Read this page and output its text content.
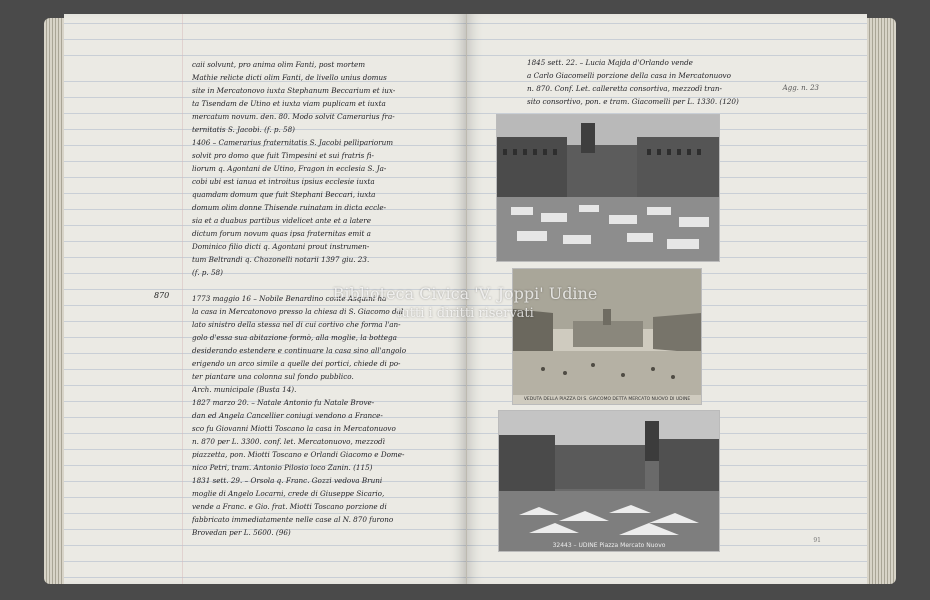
870
caii solvunt, pro anima olim Fanti, post mortem
Mathie relicte dicti olim Fanti, de livello unius domus
site in Mercatonovo iuxta Stephanum Beccarium et iux-
ta Tisendam de Utino et iuxta viam puplicam et iuxta
mercatum novum. den. 80. Modo solvit Camerarius fra-
ternitatis S. Jacobi. (f. p. 58)
1406 – Camerarius fraternitatis S. Jacobi pellipariorum
solvit pro domo que fuit Timpesini et sui fratris fi-
liorum q. Agontani de Utino, Fragon in ecclesia S. Ja-
cobi ubi est ianua et introitus ipsius ecclesie iuxta
quamdam domum que fuit Stephani Beccari, iuxta
domum olim donne Thisende ruinatam in dicta eccle-
sia et a duabus partibus videlicet ante et a latere
dictum forum novum quas ipsa fraternitas emit a
Dominico filio dicti q. Agontani prout instrumen-
tum Beltrandi q. Chozonelli notarii 1397 giu. 23.
(f. p. 58)

1773 maggio 16 – Nobile Benardino conte Asquini ha
la casa in Mercatonovo presso la chiesa di S. Giacomo dal
lato sinistro della stessa nel di cui cortivo che forma l'an-
golo d'essa sua abitazione formò, alla moglie, la bottega
desiderando estendere e continuare la casa sino all'angolo
erigendo un arco simile a quelle dei portici, chiede di po-
ter piantare una colonna sul fondo pubblico.
Arch. municipale (Busta 14).
1827 marzo 20. – Natale Antonio fu Natale Brove-
dan ed Angela Cancellier coniugi vendono a France-
sco fu Giovanni Miotti Toscano la casa in Mercatonuovo
n. 870 per L. 3300. conf. let. Mercatonuovo, mezzodì
piazzetta, pon. Miotti Toscano e Orlandi Giacomo e Dome-
nico Petri, tram. Antonio Pilosio loco Zanin. (115)
1831 sett. 29. – Orsola q. Franc. Gozzi vedova Bruni
moglie di Angelo Locarni, crede di Giuseppe Sicario,
vende a Franc. e Gio. frat. Miotti Toscano porzione di
fabbricato immediatamente nelle case al N. 870 furono
Brovedan per L. 5600. (96)
1845 sett. 22. – Lucia Majda d'Orlando vende
a Carlo Giacomelli porzione della casa in Mercatonuovo
n. 870. Conf. Let. calleretta consortiva, mezzodì tran-
sito consortivo, pon. e tram. Giacomelli per L. 1330. (120)
Agg. n. 23
91
VEDUTA DELLA PIAZZA DI S. GIACOMO DETTA MERCATO NUOVO DI UDINE
32443 – UDINE Piazza Mercato Nuovo
Biblioteca Civica 'V. Joppi' Udine
tutti i diritti riservati
